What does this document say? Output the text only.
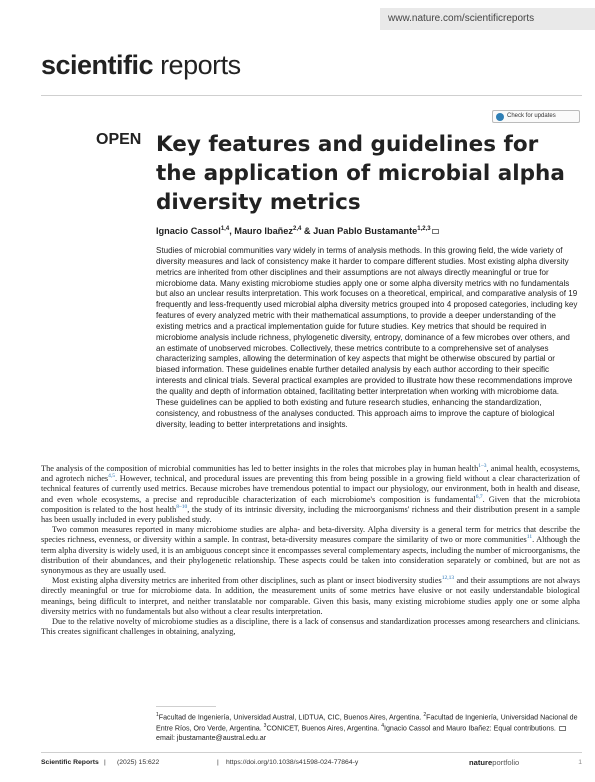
www.nature.com/scientificreports
scientific reports
Check for updates
OPEN Key features and guidelines for the application of microbial alpha diversity metrics
Ignacio Cassol$^{1,4}$, Mauro Ibañez$^{2,4}$ & Juan Pablo Bustamante$^{1,2,3}$
Studies of microbial communities vary widely in terms of analysis methods. In this growing field, the wide variety of diversity measures and lack of consistency make it harder to compare different studies. Most existing alpha diversity metrics are inherited from other disciplines and their assumptions are not always directly meaningful or true for microbiome data. Many existing microbiome studies apply one or some alpha diversity metrics with no fundamentals but also an unclear results interpretation. This work focuses on a theoretical, empirical, and comparative analysis of 19 frequently and less-frequently used microbial alpha diversity metrics grouped into 4 proposed categories, including key features of every analyzed metric with their mathematical assumptions, to provide a deeper understanding of the existing metrics and a practical implementation guide for future studies. Key metrics that should be required in microbiome analysis include richness, phylogenetic diversity, entropy, dominance of a few microbes over others, and an estimate of unobserved microbes. Collectively, these metrics contribute to a comprehensive set of analyses characterizing samples, allowing the determination of key aspects that might be otherwise obscured by partial or biased information. These guidelines enable further detailed analysis by each author according to their specific interests and clinical trials. Several practical examples are provided to illustrate how these recommendations improve the quality and depth of information obtained, facilitating better interpretation when working with microbiome data. These guidelines can be applied to both existing and future research studies, enhancing the standardization, consistency, and robustness of the analyses conducted. This approach aims to improve the capture of biological diversity, leading to better interpretations and insights.

The analysis of the composition of microbial communities has led to better insights in the roles that microbes play in human health$^{1-3}$, animal health, ecosystems, and agrotech niches$^{4,5}$. However, technical, and procedural issues are preventing this from being possible in a growing field without a clear characterization of technical features of currently used metrics. Because microbes have tremendous potential to impact our physiology, our environment, both in health and disease, and even whole ecosystems, a precise and reproducible characterization of each microbiome's composition is fundamental$^{6,7}$. Given that the microbiota composition is related to the host health$^{8-10}$, the study of its intrinsic diversity, including the microorganisms' richness and their distribution present in a sample has been usually included in every published study.

Two common measures reported in many microbiome studies are alpha- and beta-diversity. Alpha diversity is a general term for metrics that describe the species richness, evenness, or diversity within a sample. In contrast, beta-diversity measures compare the similarity of two or more communities$^{11}$. Although the term alpha diversity is widely used, it is an ambiguous concept since it encompasses several complementary aspects, including the number of microorganisms, the distribution of their abundances, and their phylogenetic relationship. These aspects could be taken into consideration separately or combined, but are not as synonymous as they are usually used.

Most existing alpha diversity metrics are inherited from other disciplines, such as plant or insect biodiversity studies$^{12,13}$ and their assumptions are not always directly meaningful or true for microbiome data. In addition, the measurement units of some metrics have elusive or not easily understandable biological meanings, being difficult to interpret, and neither translatable nor comparable. Given this basis, many existing microbiome studies apply one or some alpha diversity metrics with no fundamentals but also without a clear results interpretation.

Due to the relative novelty of microbiome studies as a discipline, there is a lack of consensus and standardization processes among researchers and clinicians. This creates significant challenges in obtaining, analyzing,

$^1$Facultad de Ingeniería, Universidad Austral, LIDTUA, CIC, Buenos Aires, Argentina. $^2$Facultad de Ingeniería, Universidad Nacional de Entre Ríos, Oro Verde, Argentina. $^3$CONICET, Buenos Aires, Argentina. $^4$Ignacio Cassol and Mauro Ibañez: Equal contributions. email: jbustamante@austral.edu.ar
Scientific Reports | (2025) 15:622	| https://doi.org/10.1038/s41598-024-77864-y	natureportfolio	1
